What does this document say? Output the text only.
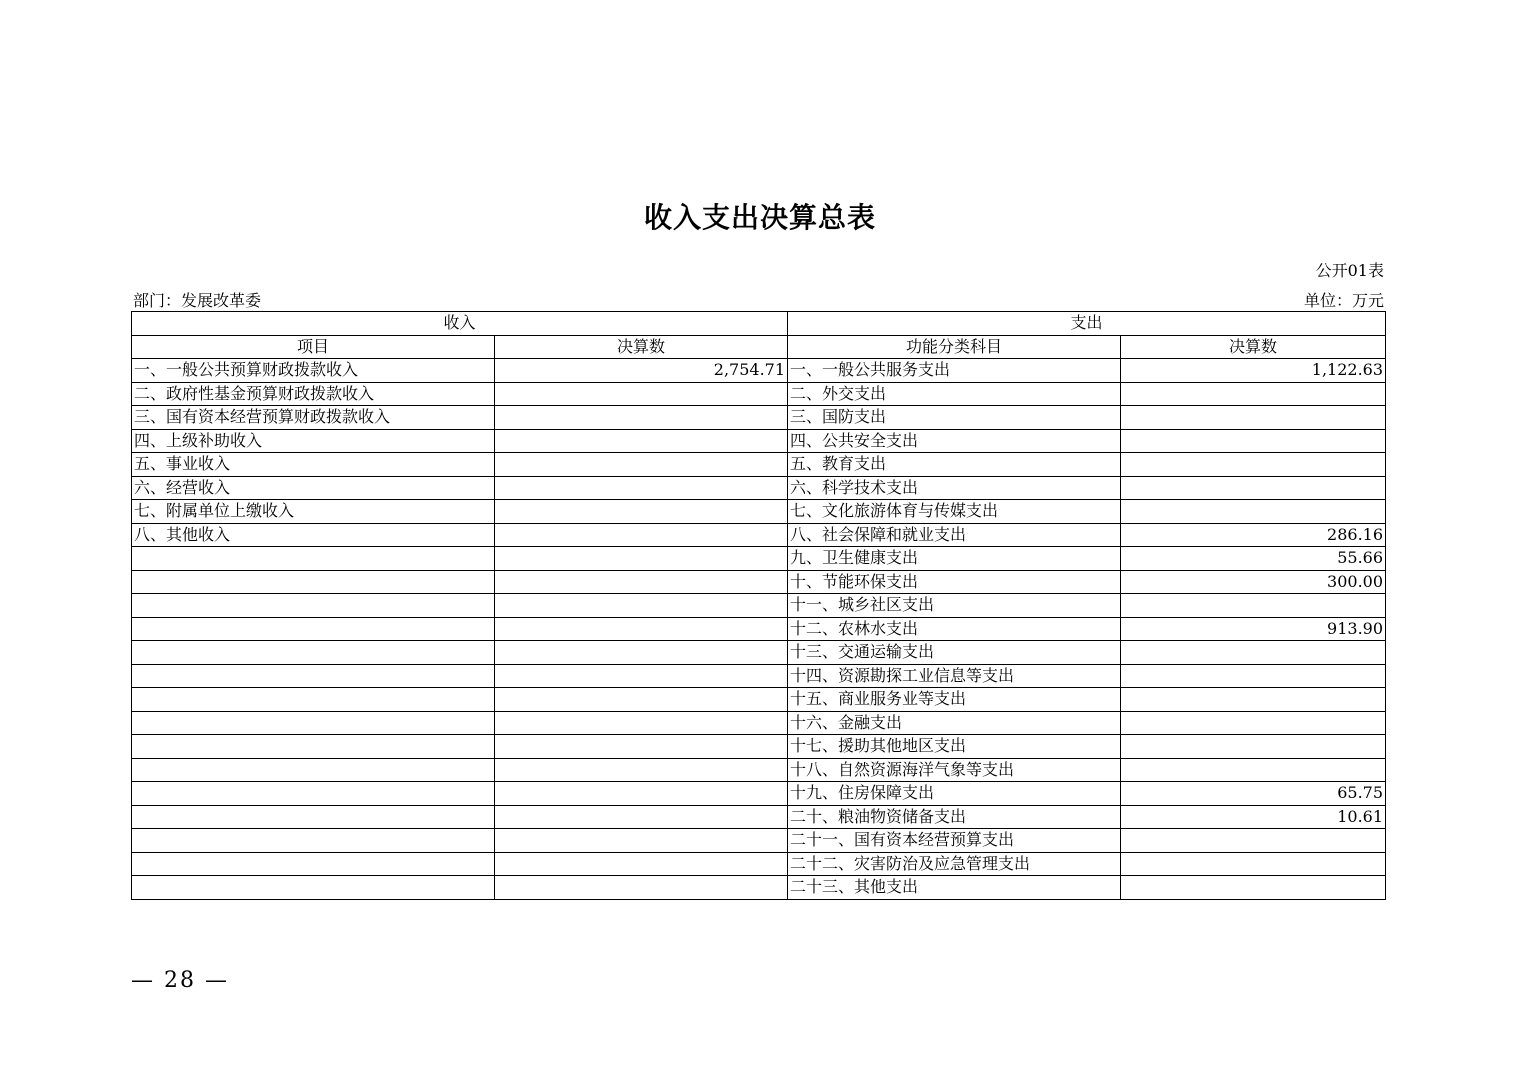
收入支出决算总表
公开01表
部门：发展改革委	单位：万元
收入		支出	
项目	决算数	功能分类科目	决算数
一、一般公共预算财政拨款收入	2,754.71	一、一般公共服务支出	1,122.63
二、政府性基金预算财政拨款收入		二、外交支出	
三、国有资本经营预算财政拨款收入		三、国防支出	
四、上级补助收入		四、公共安全支出	
五、事业收入		五、教育支出	
六、经营收入		六、科学技术支出	
七、附属单位上缴收入		七、文化旅游体育与传媒支出	
八、其他收入		八、社会保障和就业支出	286.16
		九、卫生健康支出	55.66
		十、节能环保支出	300.00
		十一、城乡社区支出	
		十二、农林水支出	913.90
		十三、交通运输支出	
		十四、资源勘探工业信息等支出	
		十五、商业服务业等支出	
		十六、金融支出	
		十七、援助其他地区支出	
		十八、自然资源海洋气象等支出	
		十九、住房保障支出	65.75
		二十、粮油物资储备支出	10.61
		二十一、国有资本经营预算支出	
		二十二、灾害防治及应急管理支出	
		二十三、其他支出	
— 28 —
